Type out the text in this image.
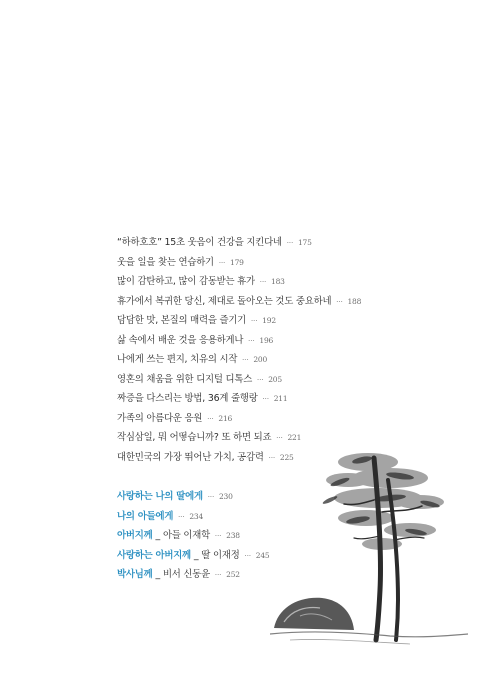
“하하호호” 15초 웃음이 건강을 지킨다네 ··· 175
웃을 일을 찾는 연습하기 ··· 179
많이 감탄하고, 많이 감동받는 휴가 ··· 183
휴가에서 복귀한 당신, 제대로 돌아오는 것도 중요하네 ··· 188
담담한 맛, 본질의 매력을 즐기기 ··· 192
삶 속에서 배운 것을 응용하게나 ··· 196
나에게 쓰는 편지, 치유의 시작 ··· 200
영혼의 채움을 위한 디지털 디톡스 ··· 205
짜증을 다스리는 방법, 36계 줄행랑 ··· 211
가족의 아름다운 응원 ··· 216
작심삼일, 뭐 어떻습니까? 또 하면 되죠 ··· 221
대한민국의 가장 뛰어난 가치, 공감력 ··· 225
사랑하는 나의 딸에게 ··· 230
나의 아들에게 ··· 234
아버지께 _ 아들 이재학 ··· 238
사랑하는 아버지께 _ 딸 이재정 ··· 245
박사님께 _ 비서 신동윤 ··· 252
